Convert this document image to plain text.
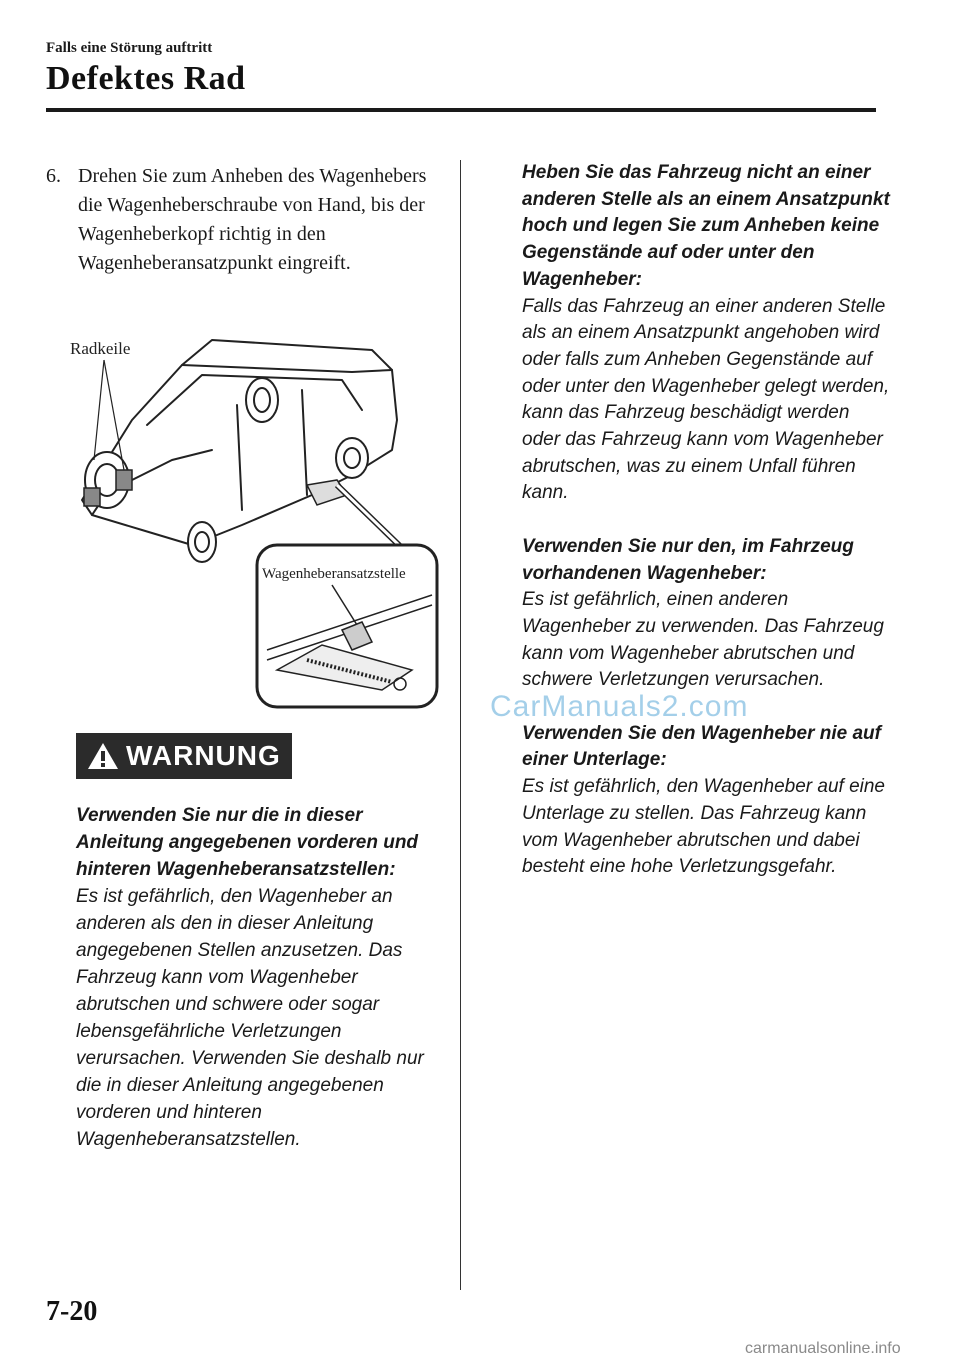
Falls eine Störung auftritt
Defektes Rad
6. Drehen Sie zum Anheben des Wagenhebers die Wagenheberschraube von Hand, bis der Wagenheberkopf richtig in den Wagenheberansatzpunkt eingreift.
Radkeile
Wagenheberansatzstelle
WARNUNG
Verwenden Sie nur die in dieser Anleitung angegebenen vorderen und hinteren Wagenheberansatzstellen:
Es ist gefährlich, den Wagenheber an anderen als den in dieser Anleitung angegebenen Stellen anzusetzen. Das Fahrzeug kann vom Wagenheber abrutschen und schwere oder sogar lebensgefährliche Verletzungen verursachen. Verwenden Sie deshalb nur die in dieser Anleitung angegebenen vorderen und hinteren Wagenheberansatzstellen.
Heben Sie das Fahrzeug nicht an einer anderen Stelle als an einem Ansatzpunkt hoch und legen Sie zum Anheben keine Gegenstände auf oder unter den Wagenheber:
Falls das Fahrzeug an einer anderen Stelle als an einem Ansatzpunkt angehoben wird oder falls zum Anheben Gegenstände auf oder unter den Wagenheber gelegt werden, kann das Fahrzeug beschädigt werden oder das Fahrzeug kann vom Wagenheber abrutschen, was zu einem Unfall führen kann.
Verwenden Sie nur den, im Fahrzeug vorhandenen Wagenheber:
Es ist gefährlich, einen anderen Wagenheber zu verwenden. Das Fahrzeug kann vom Wagenheber abrutschen und schwere Verletzungen verursachen.
Verwenden Sie den Wagenheber nie auf einer Unterlage:
Es ist gefährlich, den Wagenheber auf eine Unterlage zu stellen. Das Fahrzeug kann vom Wagenheber abrutschen und dabei besteht eine hohe Verletzungsgefahr.
CarManuals2.com
7-20
carmanualsonline.info
